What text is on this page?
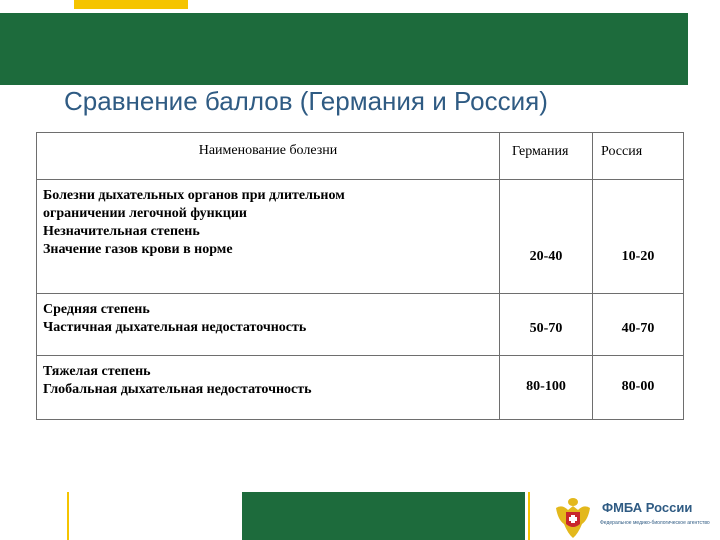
Сравнение баллов (Германия и Россия)
Наименование болезни	Германия	Россия

Болезни дыхательных органов при длительном
ограничении легочной функции
Незначительная степень
Значение газов крови в норме	20-40	10-20

Средняя степень
Частичная дыхательная недостаточность	50-70	40-70

Тяжелая степень
Глобальная дыхательная недостаточность	80-100	80-00
ФМБА России
Федеральное медико-биологическое агентство
